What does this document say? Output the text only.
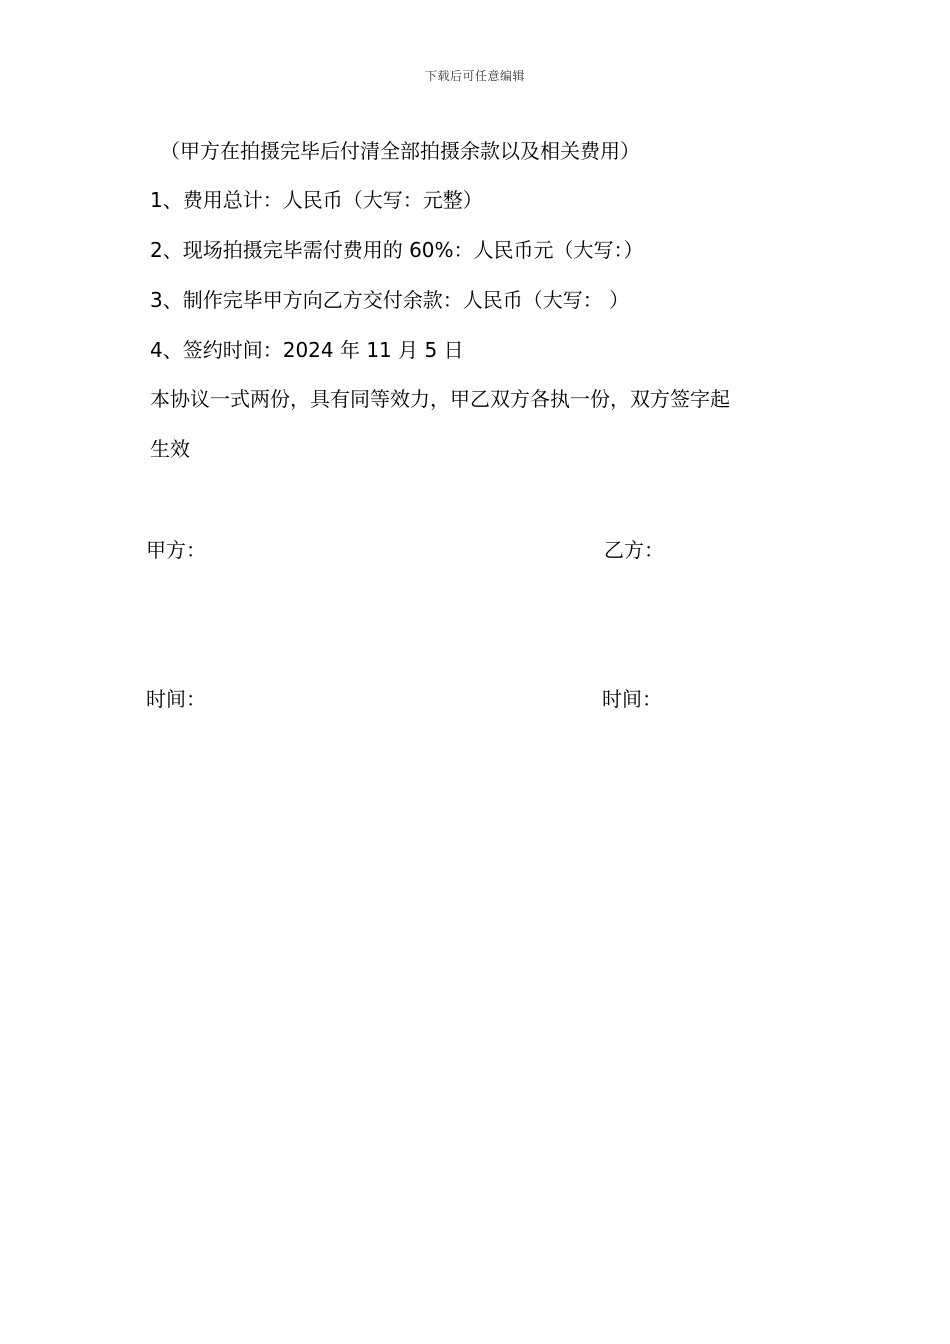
下载后可任意编辑
（甲方在拍摄完毕后付清全部拍摄余款以及相关费用）
1、费用总计：人民币（大写：元整）
2、现场拍摄完毕需付费用的 60%：人民币元（大写：）
3、制作完毕甲方向乙方交付余款：人民币（大写： ）
4、签约时间：2024 年 11 月 5 日
本协议一式两份，具有同等效力，甲乙双方各执一份，双方签字起
生效
甲方：	乙方：
时间：	时间：
